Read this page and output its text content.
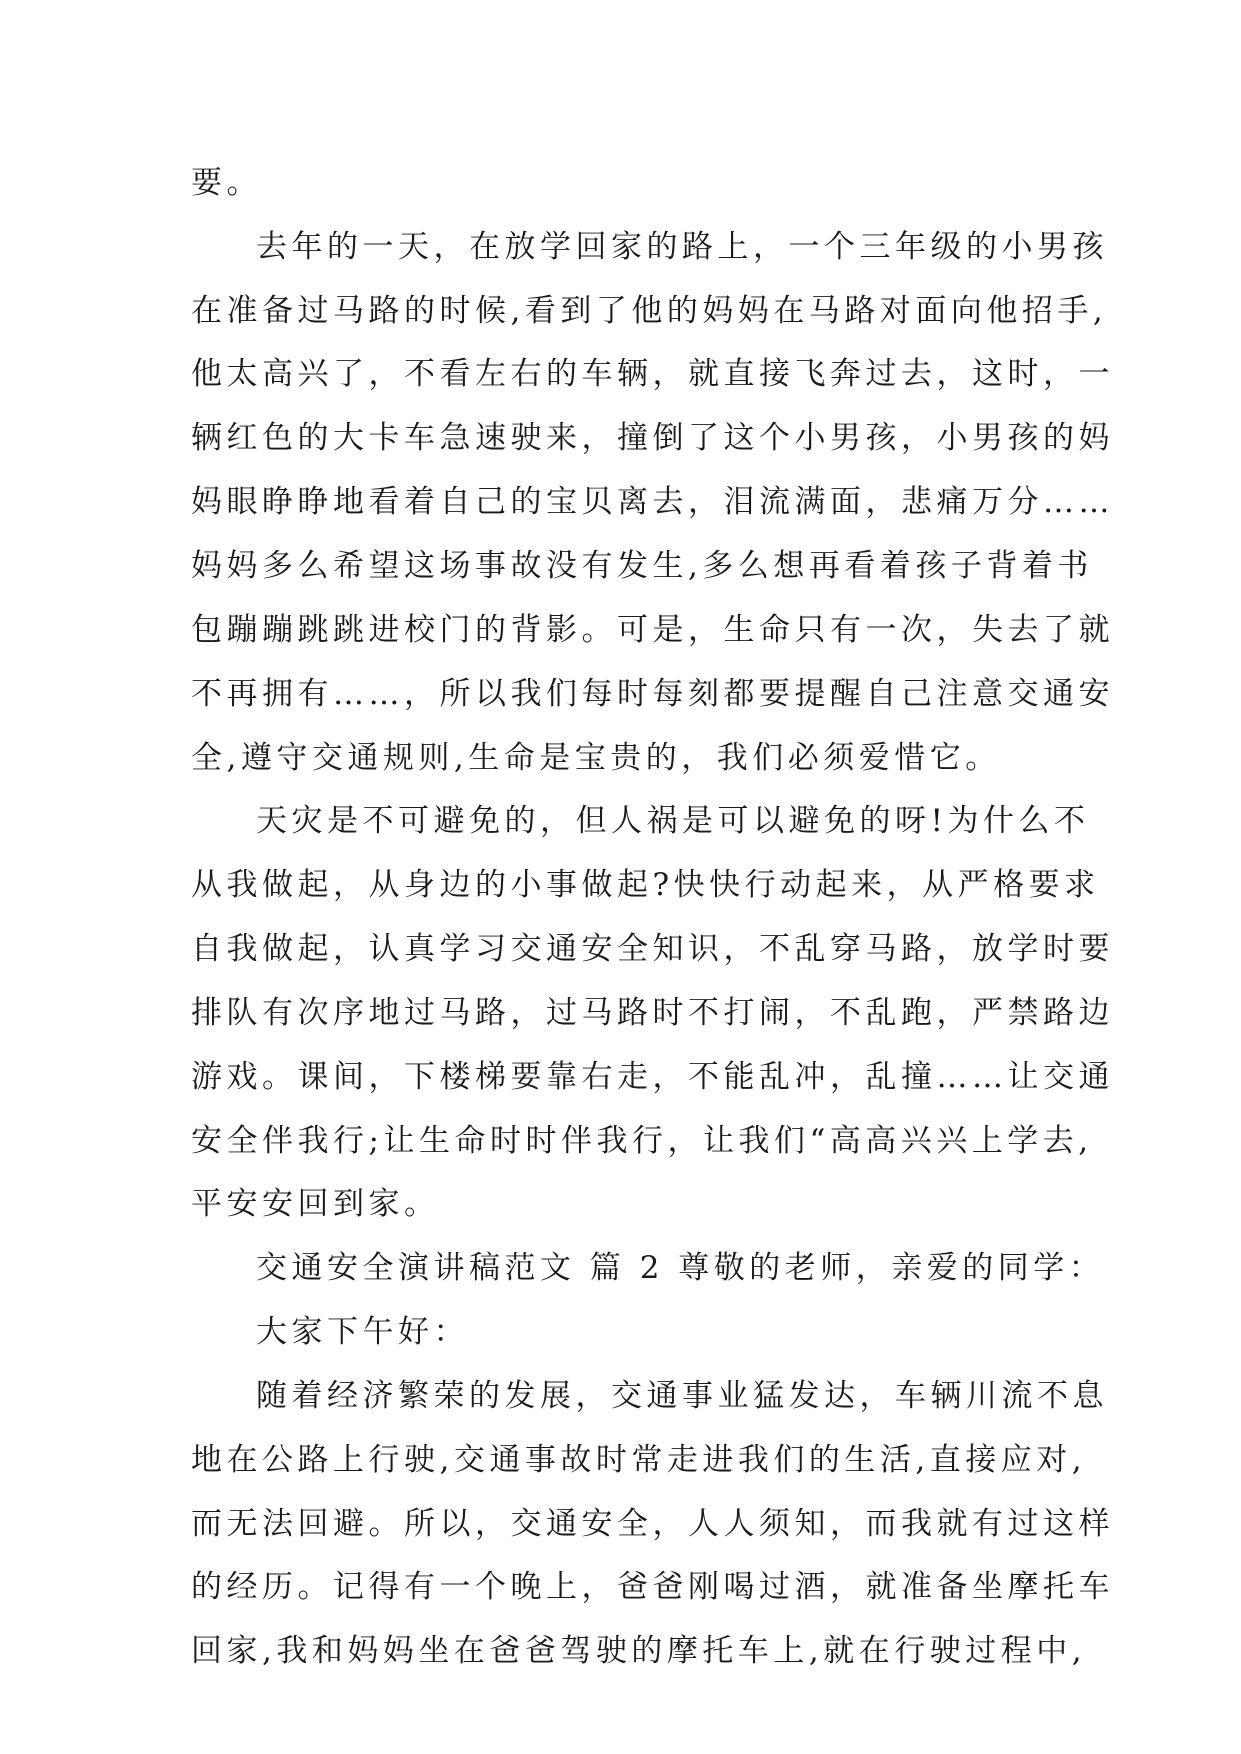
要。
去年的一天，在放学回家的路上，一个三年级的小男孩
在准备过马路的时候,看到了他的妈妈在马路对面向他招手,
他太高兴了，不看左右的车辆，就直接飞奔过去，这时，一
辆红色的大卡车急速驶来，撞倒了这个小男孩，小男孩的妈
妈眼睁睁地看着自己的宝贝离去，泪流满面，悲痛万分……
妈妈多么希望这场事故没有发生,多么想再看着孩子背着书
包蹦蹦跳跳进校门的背影。可是，生命只有一次，失去了就
不再拥有……，所以我们每时每刻都要提醒自己注意交通安
全,遵守交通规则,生命是宝贵的，我们必须爱惜它。
天灾是不可避免的，但人祸是可以避免的呀!为什么不
从我做起，从身边的小事做起?快快行动起来，从严格要求
自我做起，认真学习交通安全知识，不乱穿马路，放学时要
排队有次序地过马路，过马路时不打闹，不乱跑，严禁路边
游戏。课间，下楼梯要靠右走，不能乱冲，乱撞……让交通
安全伴我行;让生命时时伴我行，让我们“高高兴兴上学去,
平安安回到家。
交通安全演讲稿范文 篇 2 尊敬的老师，亲爱的同学：
大家下午好：
随着经济繁荣的发展，交通事业猛发达，车辆川流不息
地在公路上行驶,交通事故时常走进我们的生活,直接应对,
而无法回避。所以，交通安全，人人须知，而我就有过这样
的经历。记得有一个晚上，爸爸刚喝过酒，就准备坐摩托车
回家,我和妈妈坐在爸爸驾驶的摩托车上,就在行驶过程中,
